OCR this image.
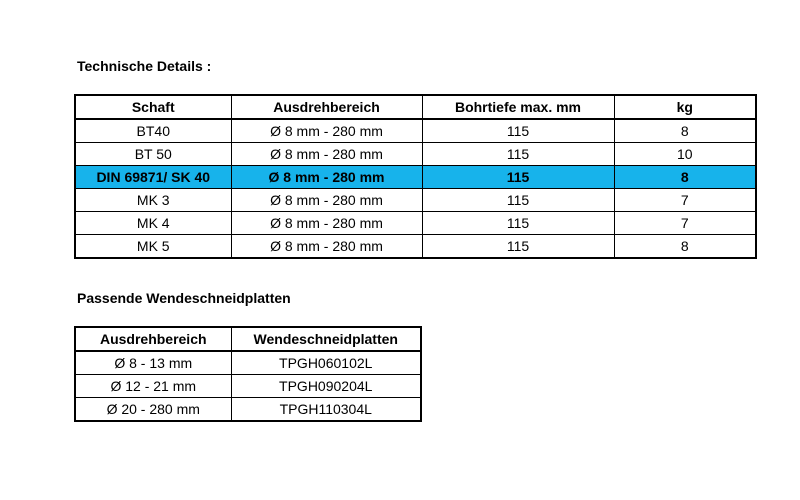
Technische Details :
Schaft	Ausdrehbereich	Bohrtiefe max. mm	kg
BT40	Ø 8 mm - 280 mm	115	8
BT 50	Ø 8 mm - 280 mm	115	10
DIN 69871/ SK 40	Ø 8 mm - 280 mm	115	8
MK 3	Ø 8 mm - 280 mm	115	7
MK 4	Ø 8 mm - 280 mm	115	7
MK 5	Ø 8 mm - 280 mm	115	8
Passende Wendeschneidplatten
Ausdrehbereich	Wendeschneidplatten
Ø 8 - 13 mm	TPGH060102L
Ø 12 - 21 mm	TPGH090204L
Ø 20 - 280 mm	TPGH110304L
